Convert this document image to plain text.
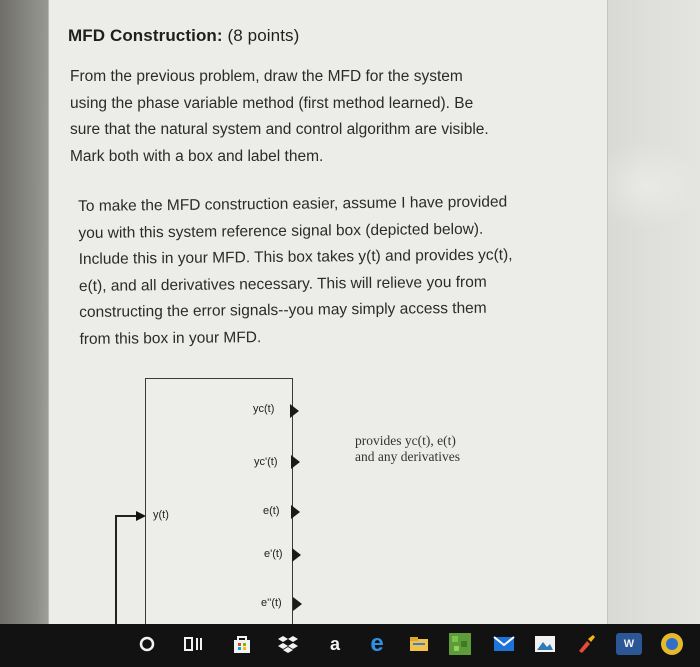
MFD Construction: (8 points)
From the previous problem, draw the MFD for the system
using the phase variable method (first method learned). Be
sure that the natural system and control algorithm are visible.
Mark both with a box and label them.
To make the MFD construction easier, assume I have provided
you with this system reference signal box (depicted below).
Include this in your MFD. This box takes y(t) and provides yc(t),
e(t), and all derivatives necessary. This will relieve you from
constructing the error signals--you may simply access them
from this box in your MFD.
y(t)
yc(t)
yc'(t)
e(t)
e'(t)
e''(t)
provides yc(t), e(t)
and any derivatives
a e	W
